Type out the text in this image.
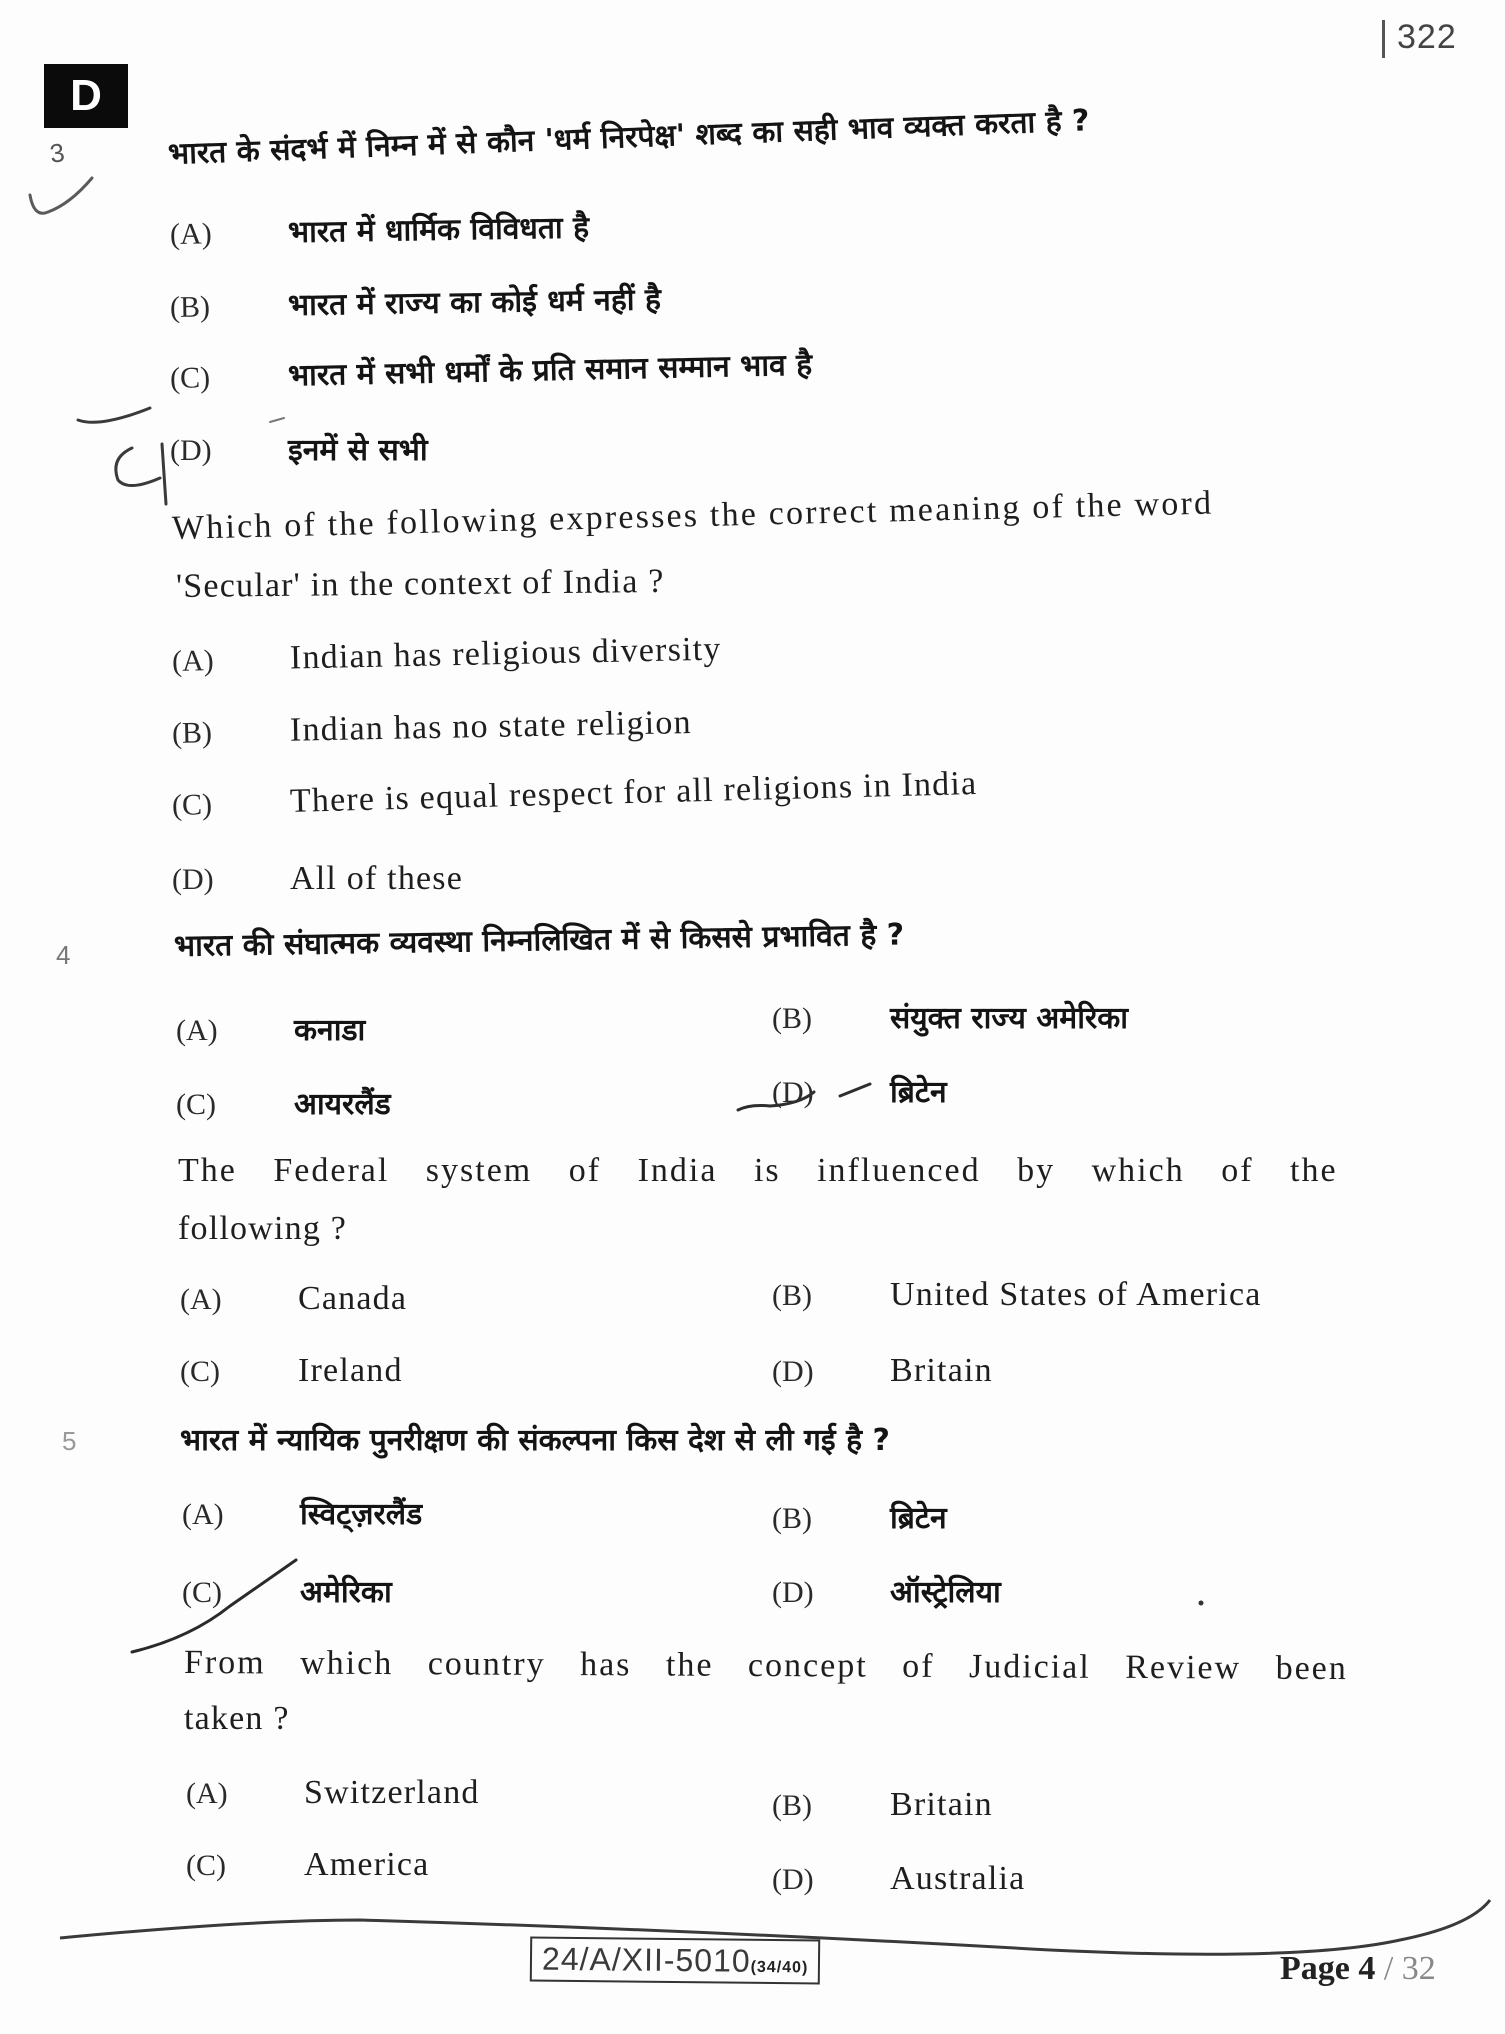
322
D
3	भारत के संदर्भ में निम्न में से कौन 'धर्म निरपेक्ष' शब्द का सही भाव व्यक्त करता है ?
(A)	भारत में धार्मिक विविधता है
(B)	भारत में राज्य का कोई धर्म नहीं है
(C)	भारत में सभी धर्मों के प्रति समान सम्मान भाव है
(D)	इनमें से सभी
Which of the following expresses the correct meaning of the word
'Secular' in the context of India ?
(A) Indian has religious diversity
(B) Indian has no state religion
(C) There is equal respect for all religions in India
(D) All of these
4	भारत की संघात्मक व्यवस्था निम्नलिखित में से किससे प्रभावित है ?
(A)	कनाडा	(B)	संयुक्त राज्य अमेरिका
(C)	आयरलैंड	(D)	ब्रिटेन
The Federal system of India is influenced by which of the
following ?
(A) Canada	(B) United States of America
(C) Ireland	(D) Britain
5	भारत में न्यायिक पुनरीक्षण की संकल्पना किस देश से ली गई है ?
(A)	स्विट्ज़रलैंड	(B)	ब्रिटेन
(C)	अमेरिका	(D)	ऑस्ट्रेलिया
From which country has the concept of Judicial Review been
taken ?
(A) Switzerland	(B) Britain
(C) America	(D) Australia
24/A/XII-5010(34/40)	Page 4 / 32
